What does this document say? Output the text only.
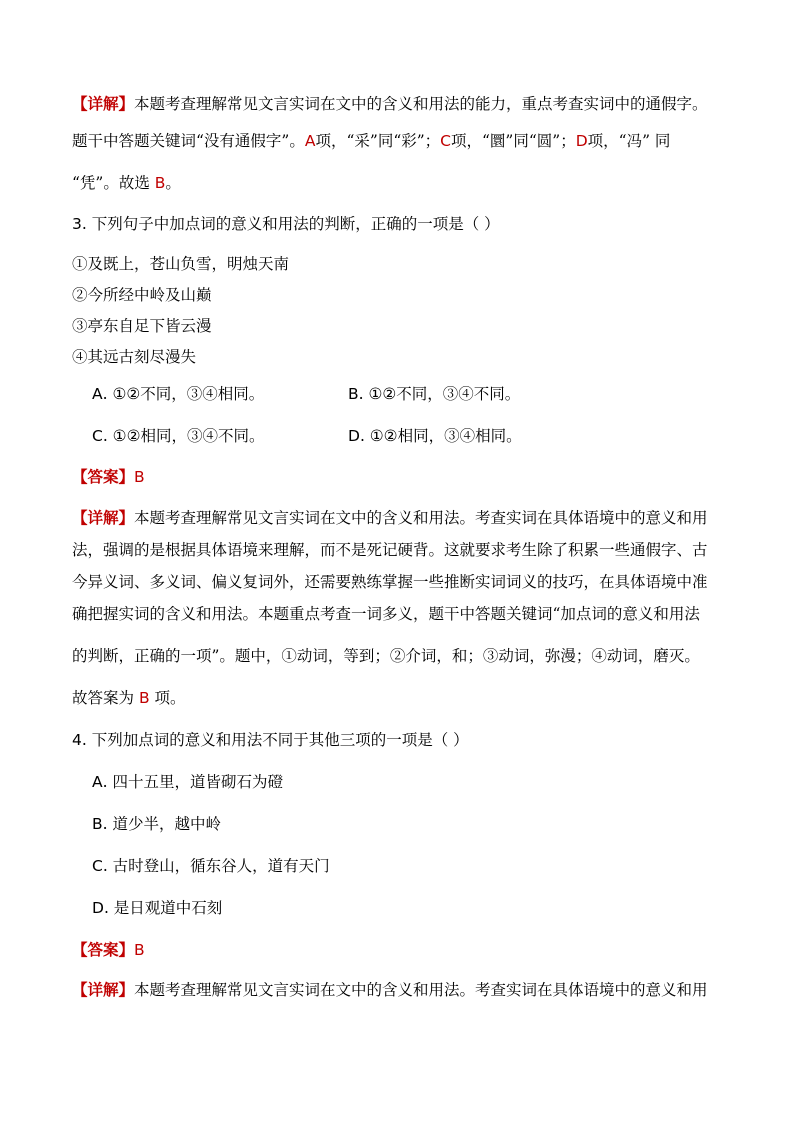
【详解】本题考查理解常见文言实词在文中的含义和用法的能力，重点考查实词中的通假字。
题干中答题关键词“没有通假字”。A项，“采”同“彩”；C项，“圜”同“圆”；D项，“冯” 同
“凭”。故选 B。
3. 下列句子中加点词的意义和用法的判断，正确的一项是（ ）
①及既上，苍山负雪，明烛天南
②今所经中岭及山巅
③亭东自足下皆云漫
④其远古刻尽漫失
A. ①②不同，③④相同。	B. ①②不同，③④不同。
C. ①②相同，③④不同。	D. ①②相同，③④相同。
【答案】B
【详解】本题考查理解常见文言实词在文中的含义和用法。考查实词在具体语境中的意义和用
法，强调的是根据具体语境来理解，而不是死记硬背。这就要求考生除了积累一些通假字、古
今异义词、多义词、偏义复词外，还需要熟练掌握一些推断实词词义的技巧，在具体语境中准
确把握实词的含义和用法。本题重点考查一词多义，题干中答题关键词“加点词的意义和用法
的判断，正确的一项”。题中，①动词，等到；②介词，和；③动词，弥漫；④动词，磨灭。
故答案为 B 项。
4. 下列加点词的意义和用法不同于其他三项的一项是（ ）
A. 四十五里，道皆砌石为磴
B. 道少半，越中岭
C. 古时登山，循东谷人，道有天门
D. 是日观道中石刻
【答案】B
【详解】本题考查理解常见文言实词在文中的含义和用法。考查实词在具体语境中的意义和用
